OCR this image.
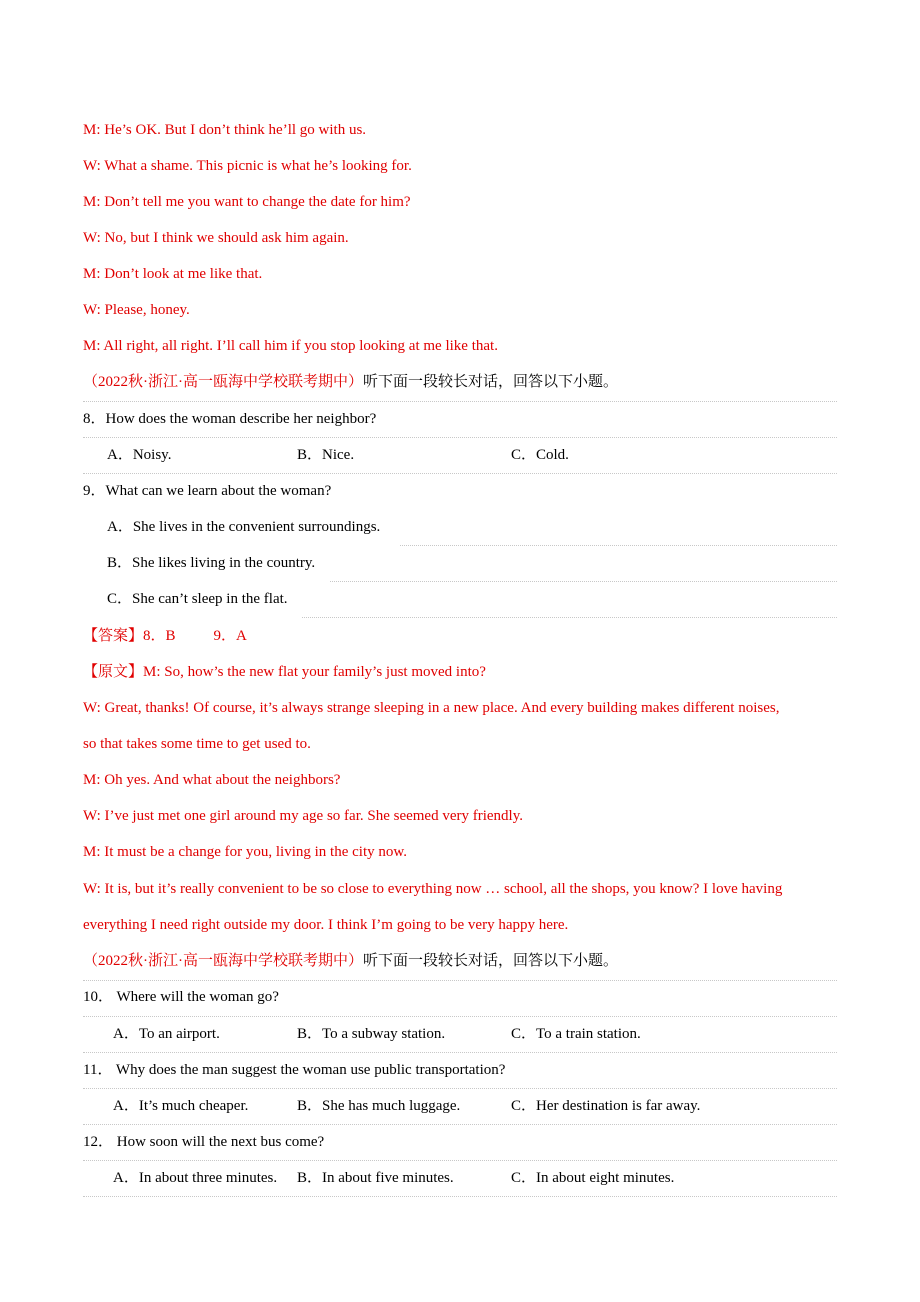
M: He’s OK. But I don’t think he’ll go with us.
W: What a shame. This picnic is what he’s looking for.
M: Don’t tell me you want to change the date for him?
W: No, but I think we should ask him again.
M: Don’t look at me like that.
W: Please, honey.
M: All right, all right. I’ll call him if you stop looking at me like that.
（2022秋·浙江·高一瓯海中学校联考期中）听下面一段较长对话，回答以下小题。
8．How does the woman describe her neighbor?
A．Noisy.	B．Nice.	C．Cold.
9．What can we learn about the woman?
A．She lives in the convenient surroundings.
B．She likes living in the country.
C．She can’t sleep in the flat.
【答案】8．B	9．A
【原文】M: So, how’s the new flat your family’s just moved into?
W: Great, thanks! Of course, it’s always strange sleeping in a new place. And every building makes different noises,
so that takes some time to get used to.
M: Oh yes. And what about the neighbors?
W: I’ve just met one girl around my age so far. She seemed very friendly.
M: It must be a change for you, living in the city now.
W: It is, but it’s really convenient to be so close to everything now … school, all the shops, you know? I love having
everything I need right outside my door. I think I’m going to be very happy here.
（2022秋·浙江·高一瓯海中学校联考期中）听下面一段较长对话，回答以下小题。
10． Where will the woman go?
A．To an airport.	B．To a subway station.	C．To a train station.
11． Why does the man suggest the woman use public transportation?
A．It’s much cheaper.	B．She has much luggage.	C．Her destination is far away.
12． How soon will the next bus come?
A．In about three minutes. B．In about five minutes.	C．In about eight minutes.
